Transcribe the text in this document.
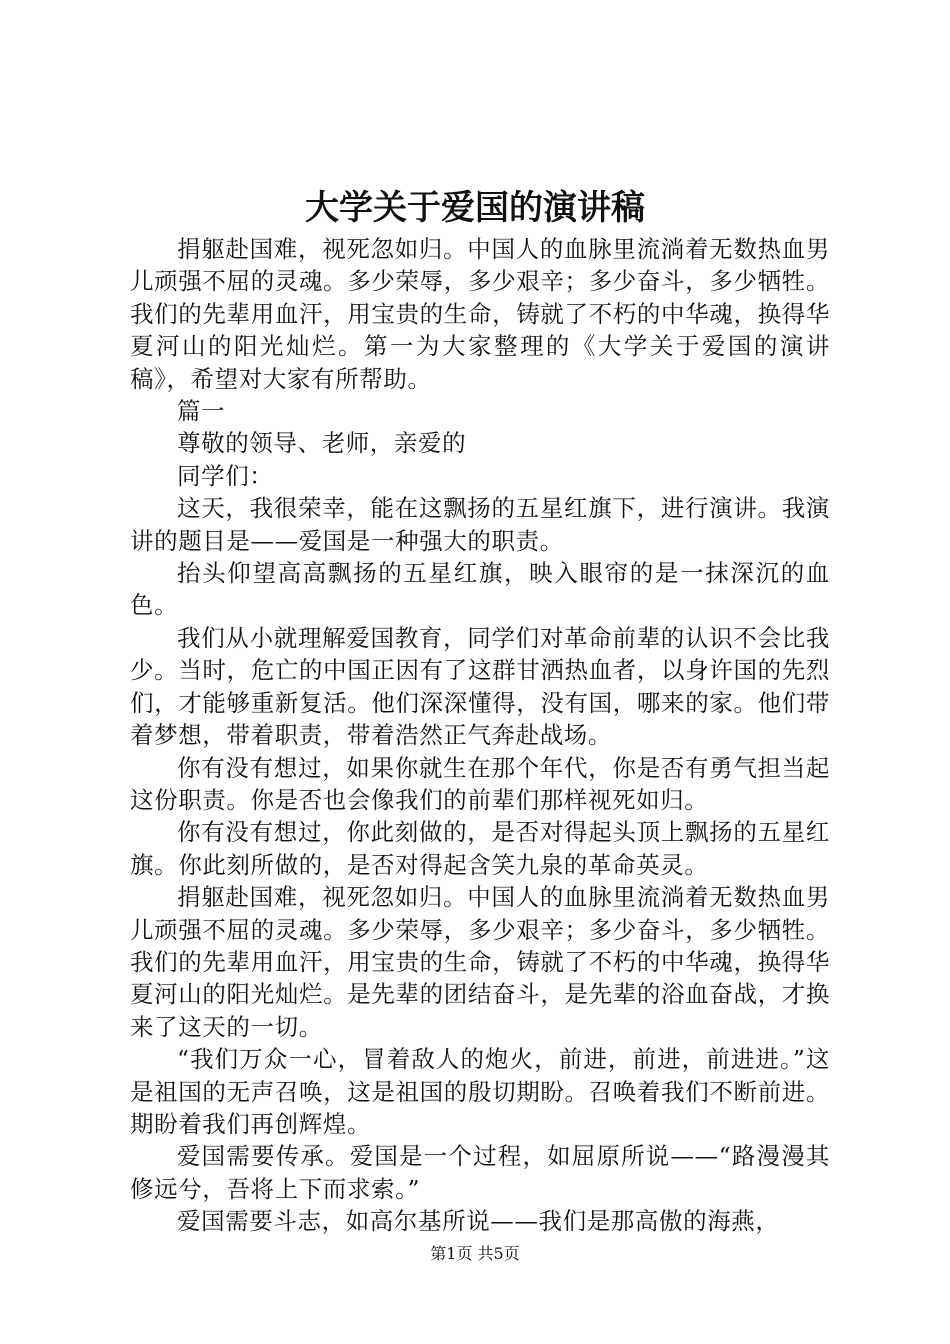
大学关于爱国的演讲稿

捐躯赴国难，视死忽如归。中国人的血脉里流淌着无数热血男儿顽强不屈的灵魂。多少荣辱，多少艰辛；多少奋斗，多少牺牲。我们的先辈用血汗，用宝贵的生命，铸就了不朽的中华魂，换得华夏河山的阳光灿烂。第一为大家整理的《大学关于爱国的演讲稿》，希望对大家有所帮助。

篇一

尊敬的领导、老师，亲爱的

同学们：

这天，我很荣幸，能在这飘扬的五星红旗下，进行演讲。我演讲的题目是——爱国是一种强大的职责。

抬头仰望高高飘扬的五星红旗，映入眼帘的是一抹深沉的血色。

我们从小就理解爱国教育，同学们对革命前辈的认识不会比我少。当时，危亡的中国正因有了这群甘洒热血者，以身许国的先烈们，才能够重新复活。他们深深懂得，没有国，哪来的家。他们带着梦想，带着职责，带着浩然正气奔赴战场。

你有没有想过，如果你就生在那个年代，你是否有勇气担当起这份职责。你是否也会像我们的前辈们那样视死如归。

你有没有想过，你此刻做的，是否对得起头顶上飘扬的五星红旗。你此刻所做的，是否对得起含笑九泉的革命英灵。

捐躯赴国难，视死忽如归。中国人的血脉里流淌着无数热血男儿顽强不屈的灵魂。多少荣辱，多少艰辛；多少奋斗，多少牺牲。我们的先辈用血汗，用宝贵的生命，铸就了不朽的中华魂，换得华夏河山的阳光灿烂。是先辈的团结奋斗，是先辈的浴血奋战，才换来了这天的一切。

“我们万众一心，冒着敌人的炮火，前进，前进，前进进。”这是祖国的无声召唤，这是祖国的殷切期盼。召唤着我们不断前进。期盼着我们再创辉煌。

爱国需要传承。爱国是一个过程，如屈原所说——“路漫漫其修远兮，吾将上下而求索。”

爱国需要斗志，如高尔基所说——我们是那高傲的海燕，

第1页 共5页
